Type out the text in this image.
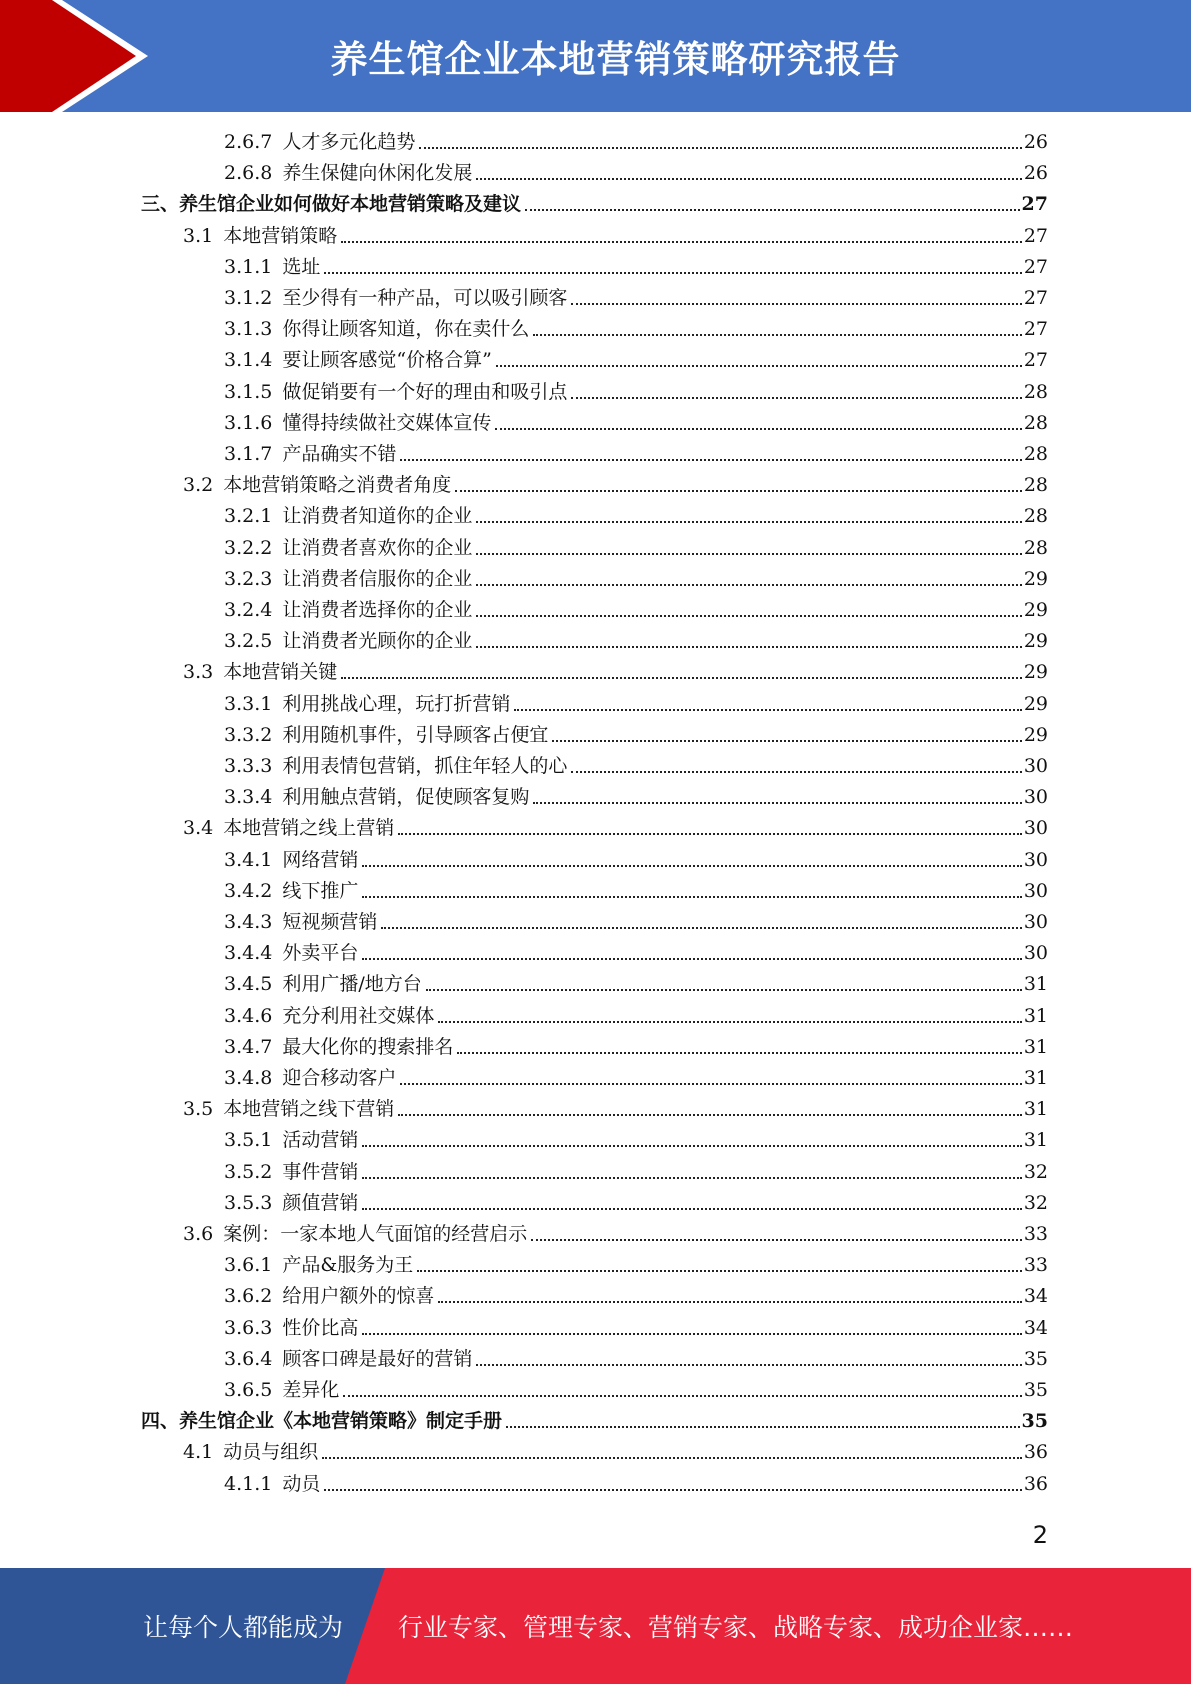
养生馆企业本地营销策略研究报告
2.6.7 人才多元化趋势	26
2.6.8 养生保健向休闲化发展	26
三、养生馆企业如何做好本地营销策略及建议	27
3.1 本地营销策略	27
3.1.1 选址	27
3.1.2 至少得有一种产品，可以吸引顾客	27
3.1.3 你得让顾客知道，你在卖什么	27
3.1.4 要让顾客感觉“价格合算”	27
3.1.5 做促销要有一个好的理由和吸引点	28
3.1.6 懂得持续做社交媒体宣传	28
3.1.7 产品确实不错	28
3.2 本地营销策略之消费者角度	28
3.2.1 让消费者知道你的企业	28
3.2.2 让消费者喜欢你的企业	28
3.2.3 让消费者信服你的企业	29
3.2.4 让消费者选择你的企业	29
3.2.5 让消费者光顾你的企业	29
3.3 本地营销关键	29
3.3.1 利用挑战心理，玩打折营销	29
3.3.2 利用随机事件，引导顾客占便宜	29
3.3.3 利用表情包营销，抓住年轻人的心	30
3.3.4 利用触点营销，促使顾客复购	30
3.4 本地营销之线上营销	30
3.4.1 网络营销	30
3.4.2 线下推广	30
3.4.3 短视频营销	30
3.4.4 外卖平台	30
3.4.5 利用广播/地方台	31
3.4.6 充分利用社交媒体	31
3.4.7 最大化你的搜索排名	31
3.4.8 迎合移动客户	31
3.5 本地营销之线下营销	31
3.5.1 活动营销	31
3.5.2 事件营销	32
3.5.3 颜值营销	32
3.6 案例：一家本地人气面馆的经营启示	33
3.6.1 产品&服务为王	33
3.6.2 给用户额外的惊喜	34
3.6.3 性价比高	34
3.6.4 顾客口碑是最好的营销	35
3.6.5 差异化	35
四、养生馆企业《本地营销策略》制定手册	35
4.1 动员与组织	36
4.1.1 动员	36
2
让每个人都能成为 行业专家、管理专家、营销专家、战略专家、成功企业家……
